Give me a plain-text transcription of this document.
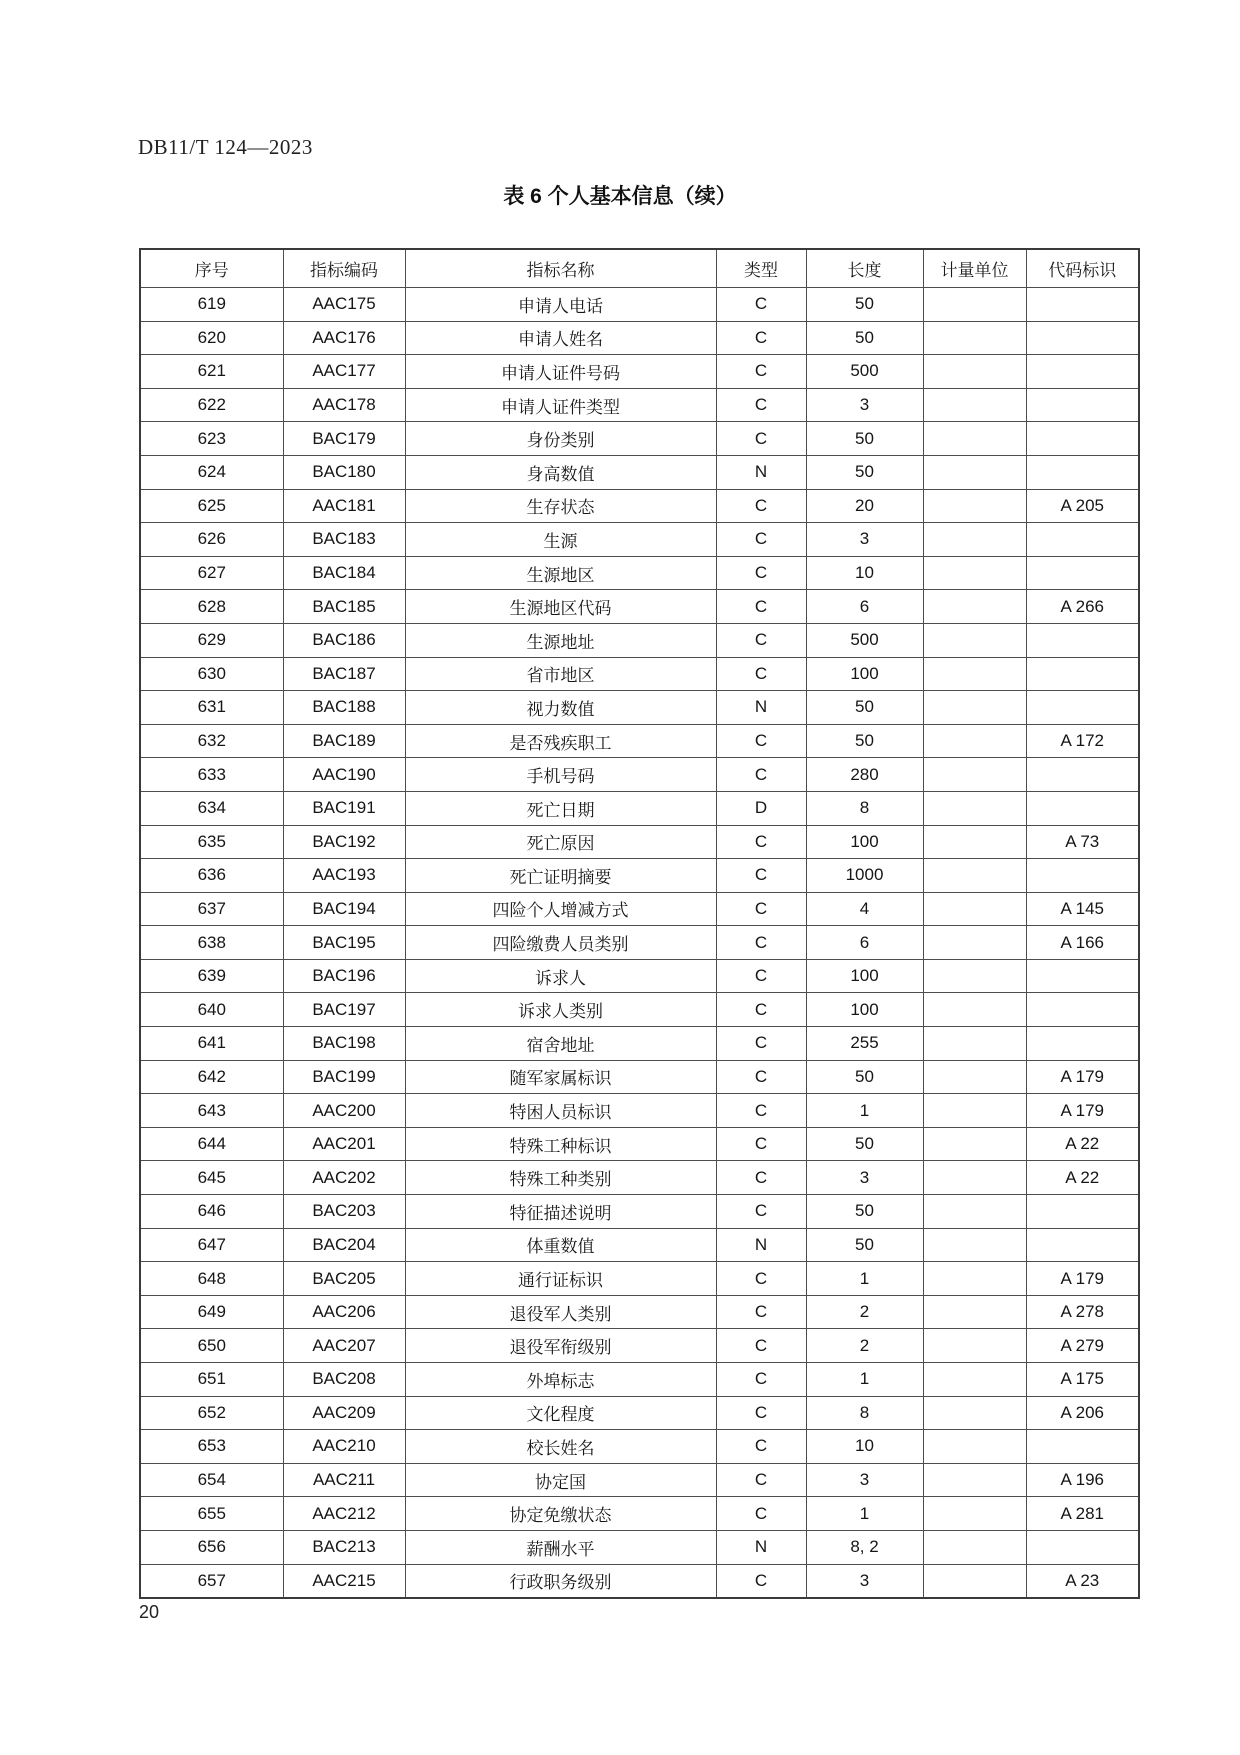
DB11/T 124—2023
表 6 个人基本信息（续）
序号	指标编码	指标名称	类型	长度	计量单位	代码标识
619	AAC175	申请人电话	C	50		
620	AAC176	申请人姓名	C	50		
621	AAC177	申请人证件号码	C	500		
622	AAC178	申请人证件类型	C	3		
623	BAC179	身份类别	C	50		
624	BAC180	身高数值	N	50		
625	AAC181	生存状态	C	20		A 205
626	BAC183	生源	C	3		
627	BAC184	生源地区	C	10		
628	BAC185	生源地区代码	C	6		A 266
629	BAC186	生源地址	C	500		
630	BAC187	省市地区	C	100		
631	BAC188	视力数值	N	50		
632	BAC189	是否残疾职工	C	50		A 172
633	AAC190	手机号码	C	280		
634	BAC191	死亡日期	D	8		
635	BAC192	死亡原因	C	100		A 73
636	AAC193	死亡证明摘要	C	1000		
637	BAC194	四险个人增减方式	C	4		A 145
638	BAC195	四险缴费人员类别	C	6		A 166
639	BAC196	诉求人	C	100		
640	BAC197	诉求人类别	C	100		
641	BAC198	宿舍地址	C	255		
642	BAC199	随军家属标识	C	50		A 179
643	AAC200	特困人员标识	C	1		A 179
644	AAC201	特殊工种标识	C	50		A 22
645	AAC202	特殊工种类别	C	3		A 22
646	BAC203	特征描述说明	C	50		
647	BAC204	体重数值	N	50		
648	BAC205	通行证标识	C	1		A 179
649	AAC206	退役军人类别	C	2		A 278
650	AAC207	退役军衔级别	C	2		A 279
651	BAC208	外埠标志	C	1		A 175
652	AAC209	文化程度	C	8		A 206
653	AAC210	校长姓名	C	10		
654	AAC211	协定国	C	3		A 196
655	AAC212	协定免缴状态	C	1		A 281
656	BAC213	薪酬水平	N	8, 2		
657	AAC215	行政职务级别	C	3		A 23
20
